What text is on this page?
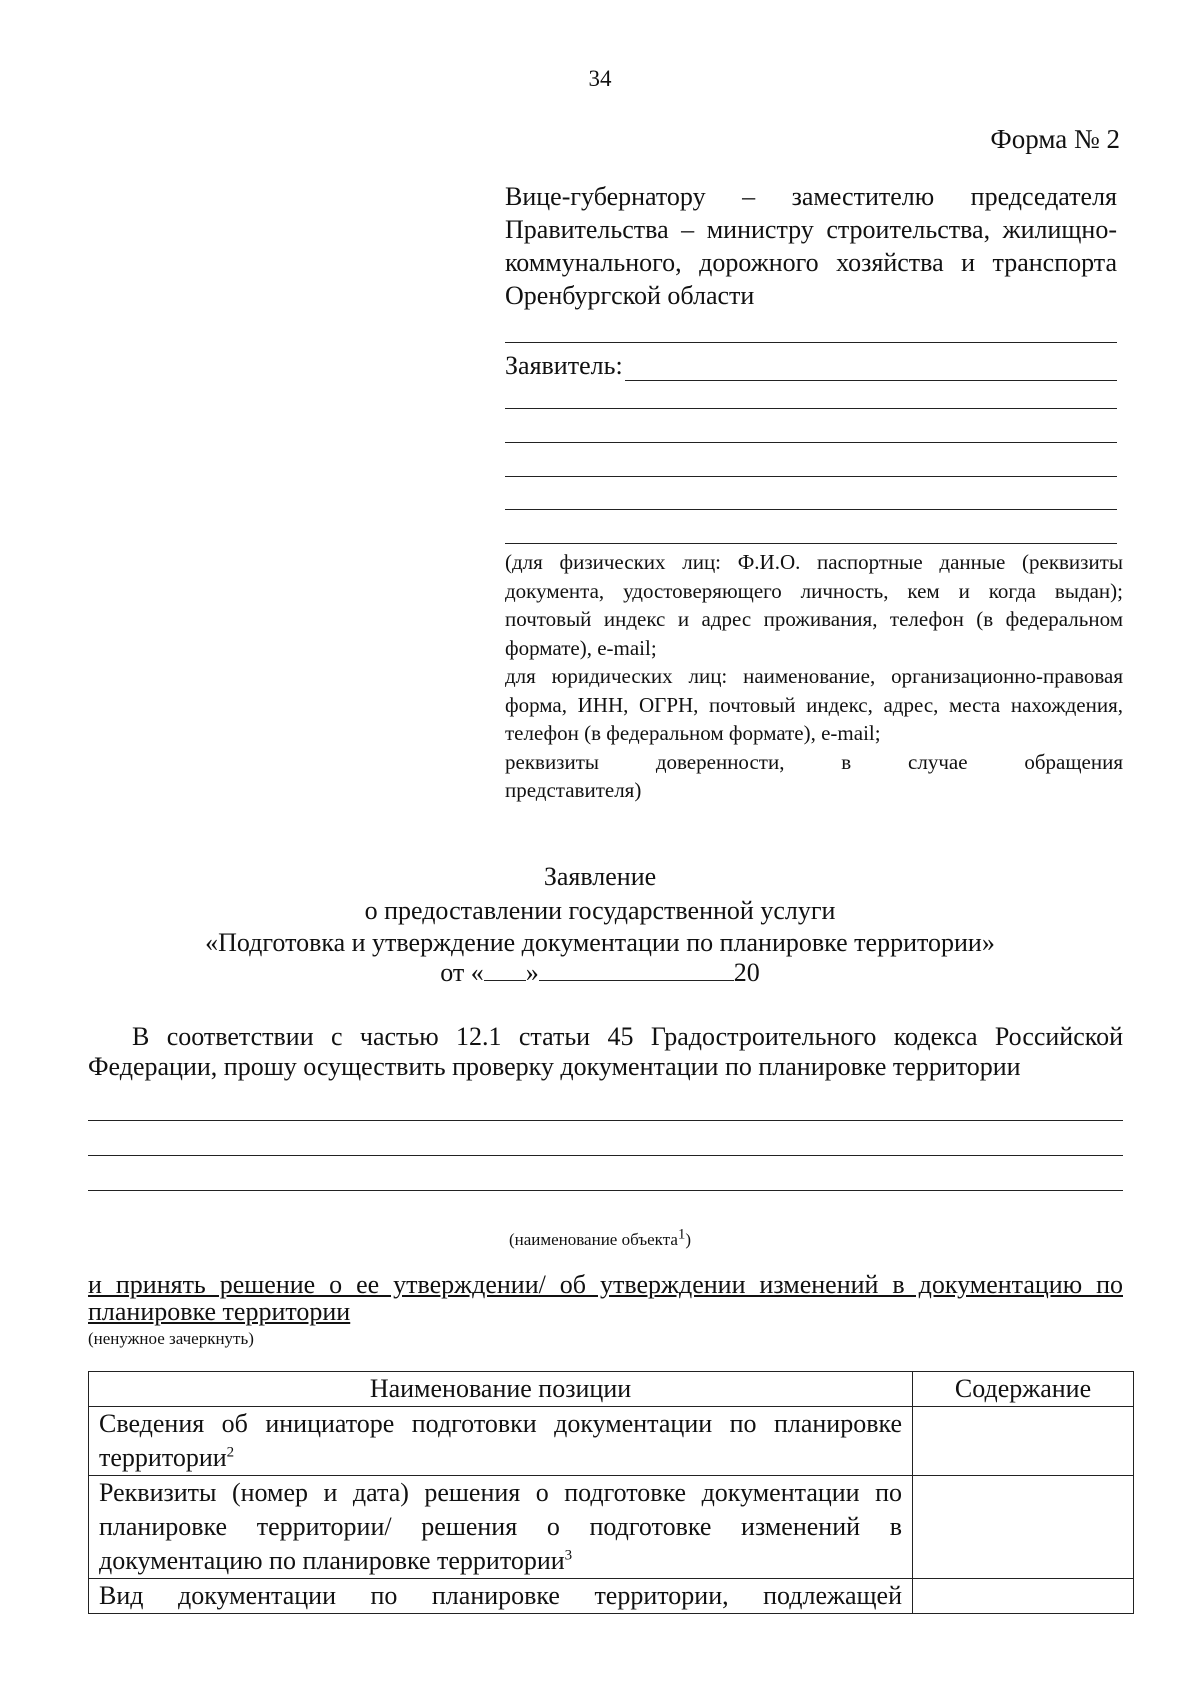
34
Форма № 2
Вице-губернатору – заместителю председателя Правительства – министру строительства, жилищно-коммунального, дорожного хозяйства и транспорта Оренбургской области
Заявитель:

(для физических лиц: Ф.И.О. паспортные данные (реквизиты документа, удостоверяющего личность, кем и когда выдан); почтовый индекс и адрес проживания, телефон (в федеральном формате), e-mail;

для юридических лиц: наименование, организационно-правовая форма, ИНН, ОГРН, почтовый индекс, адрес, места нахождения, телефон (в федеральном формате), e-mail;

реквизиты доверенности, в случае обращения

представителя)

Заявление
о предоставлении государственной услуги
«Подготовка и утверждение документации по планировке территории»
от « »	20

В соответствии с частью 12.1 статьи 45 Градостроительного кодекса Российской Федерации, прошу осуществить проверку документации по планировке территории

(наименование объекта$^1$)
и принять решение о ее утверждении/ об утверждении изменений в документацию по планировке территории
(ненужное зачеркнуть)
Наименование позиции	Содержание
Сведения об инициаторе подготовки документации по планировке территории$^2$	
Реквизиты (номер и дата) решения о подготовке документации по планировке территории/ решения о подготовке изменений в документацию по планировке территории$^3$	
Вид документации по планировке территории, подлежащей	
